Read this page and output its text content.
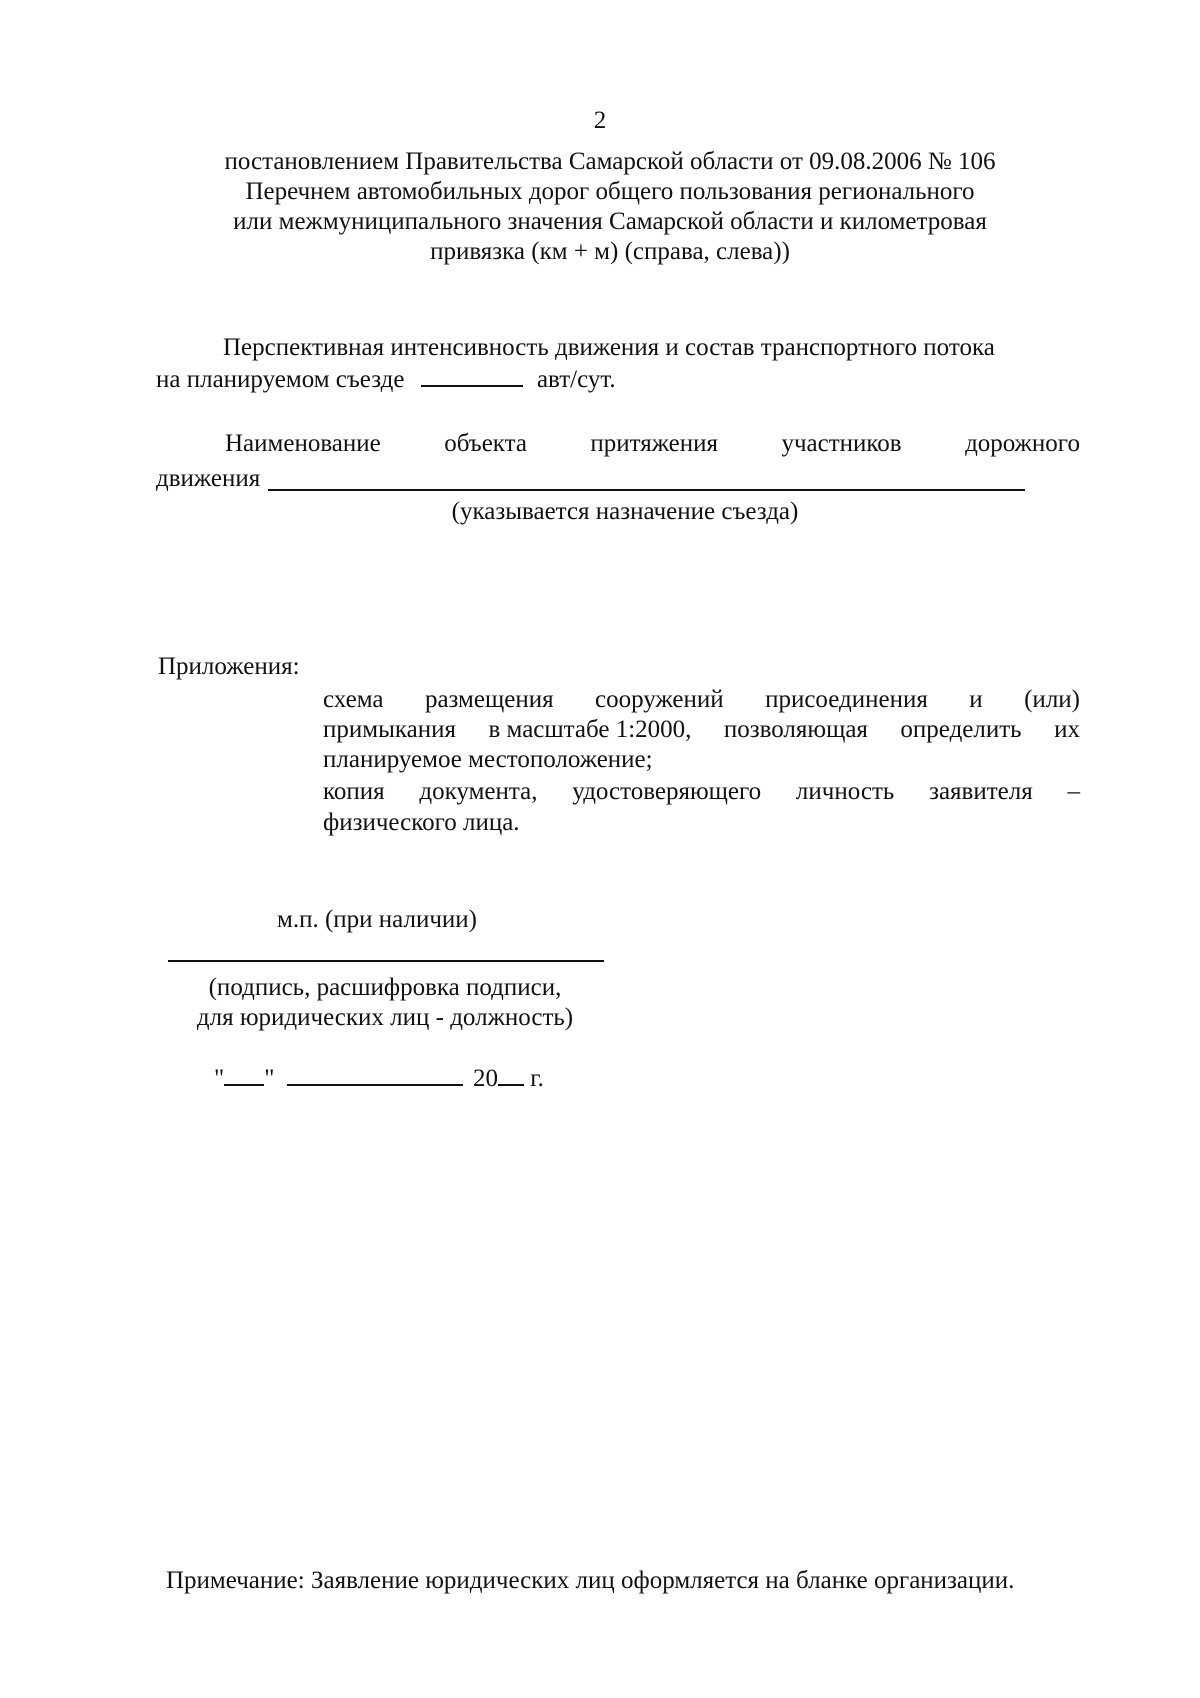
2
постановлением Правительства Самарской области от 09.08.2006 № 106
Перечнем автомобильных дорог общего пользования регионального
или межмуниципального значения Самарской области и километровая
привязка (км + м) (справа, слева))
Перспективная интенсивность движения и состав транспортного потока
на планируемом съезде	авт/сут.
Наименование	объекта	притяжения	участников	дорожного
движения
(указывается назначение съезда)
Приложения:
схема размещения сооружений присоединения и (или)
примыкания в масштабе 1:2000, позволяющая определить их
планируемое местоположение;
копия документа, удостоверяющего личность заявителя –
физического лица.
м.п. (при наличии)
(подпись, расшифровка подписи,
для юридических лиц - должность)
" "	20 г.
Примечание: Заявление юридических лиц оформляется на бланке организации.
